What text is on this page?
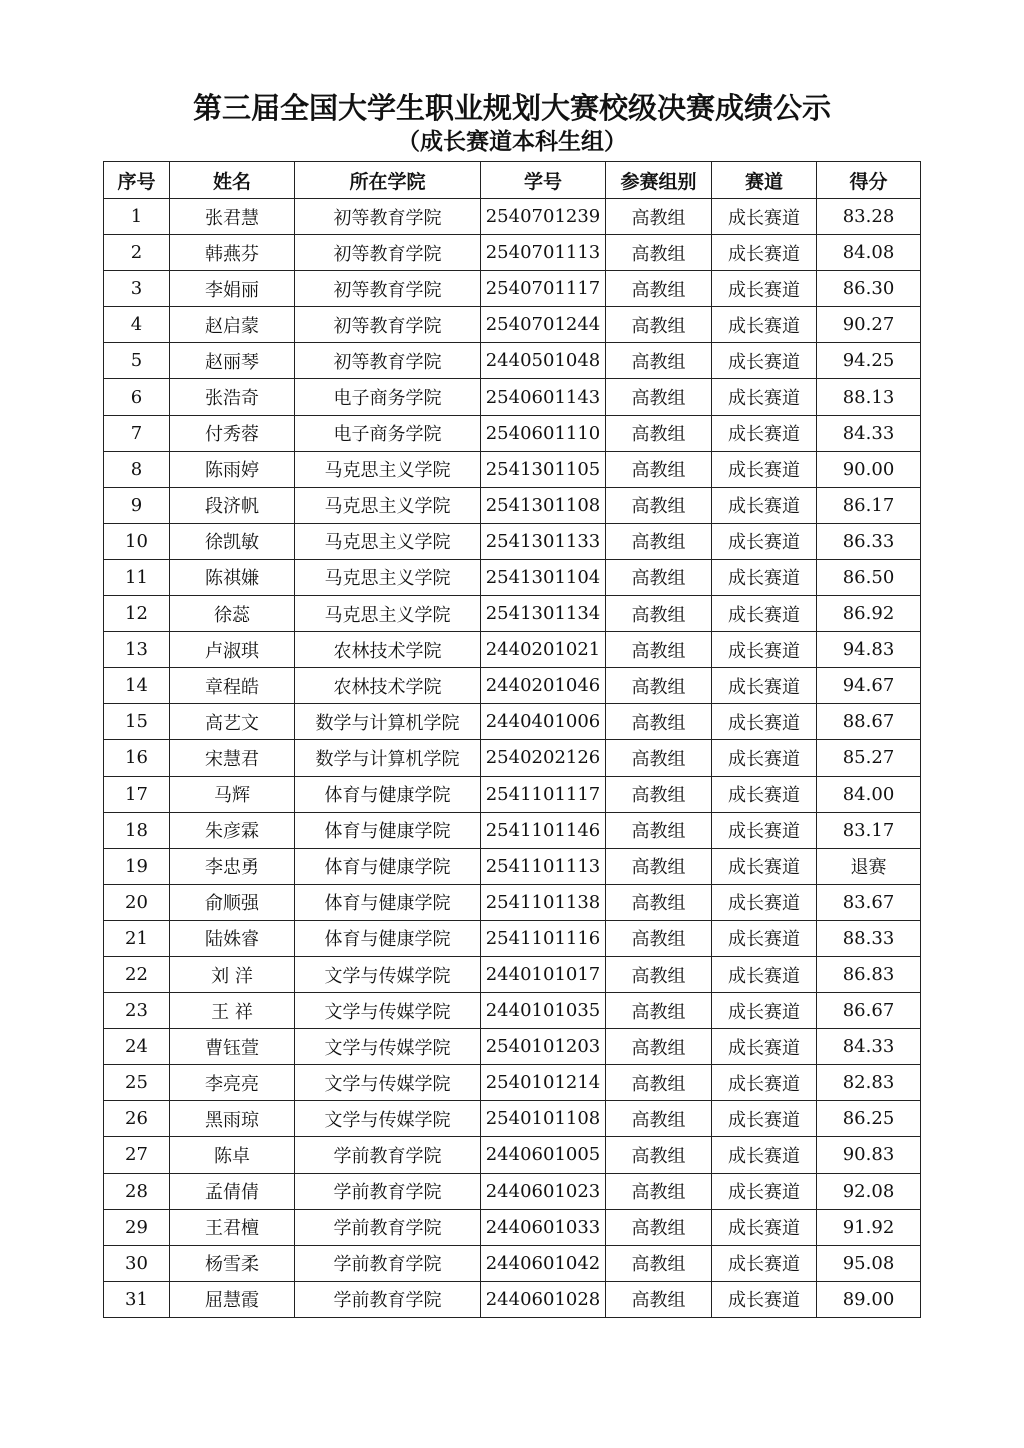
第三届全国大学生职业规划大赛校级决赛成绩公示
（成长赛道本科生组）
序号	姓名	所在学院	学号	参赛组别	赛道	得分
1	张君慧	初等教育学院	2540701239	高教组	成长赛道	83.28
2	韩燕芬	初等教育学院	2540701113	高教组	成长赛道	84.08
3	李娟丽	初等教育学院	2540701117	高教组	成长赛道	86.30
4	赵启蒙	初等教育学院	2540701244	高教组	成长赛道	90.27
5	赵丽琴	初等教育学院	2440501048	高教组	成长赛道	94.25
6	张浩奇	电子商务学院	2540601143	高教组	成长赛道	88.13
7	付秀蓉	电子商务学院	2540601110	高教组	成长赛道	84.33
8	陈雨婷	马克思主义学院	2541301105	高教组	成长赛道	90.00
9	段济帆	马克思主义学院	2541301108	高教组	成长赛道	86.17
10	徐凯敏	马克思主义学院	2541301133	高教组	成长赛道	86.33
11	陈祺嫌	马克思主义学院	2541301104	高教组	成长赛道	86.50
12	徐蕊	马克思主义学院	2541301134	高教组	成长赛道	86.92
13	卢淑琪	农林技术学院	2440201021	高教组	成长赛道	94.83
14	章程皓	农林技术学院	2440201046	高教组	成长赛道	94.67
15	高艺文	数学与计算机学院	2440401006	高教组	成长赛道	88.67
16	宋慧君	数学与计算机学院	2540202126	高教组	成长赛道	85.27
17	马辉	体育与健康学院	2541101117	高教组	成长赛道	84.00
18	朱彦霖	体育与健康学院	2541101146	高教组	成长赛道	83.17
19	李忠勇	体育与健康学院	2541101113	高教组	成长赛道	退赛
20	俞顺强	体育与健康学院	2541101138	高教组	成长赛道	83.67
21	陆姝睿	体育与健康学院	2541101116	高教组	成长赛道	88.33
22	刘 洋	文学与传媒学院	2440101017	高教组	成长赛道	86.83
23	王 祥	文学与传媒学院	2440101035	高教组	成长赛道	86.67
24	曹钰萱	文学与传媒学院	2540101203	高教组	成长赛道	84.33
25	李亮亮	文学与传媒学院	2540101214	高教组	成长赛道	82.83
26	黑雨琼	文学与传媒学院	2540101108	高教组	成长赛道	86.25
27	陈卓	学前教育学院	2440601005	高教组	成长赛道	90.83
28	孟倩倩	学前教育学院	2440601023	高教组	成长赛道	92.08
29	王君檀	学前教育学院	2440601033	高教组	成长赛道	91.92
30	杨雪柔	学前教育学院	2440601042	高教组	成长赛道	95.08
31	屈慧霞	学前教育学院	2440601028	高教组	成长赛道	89.00
